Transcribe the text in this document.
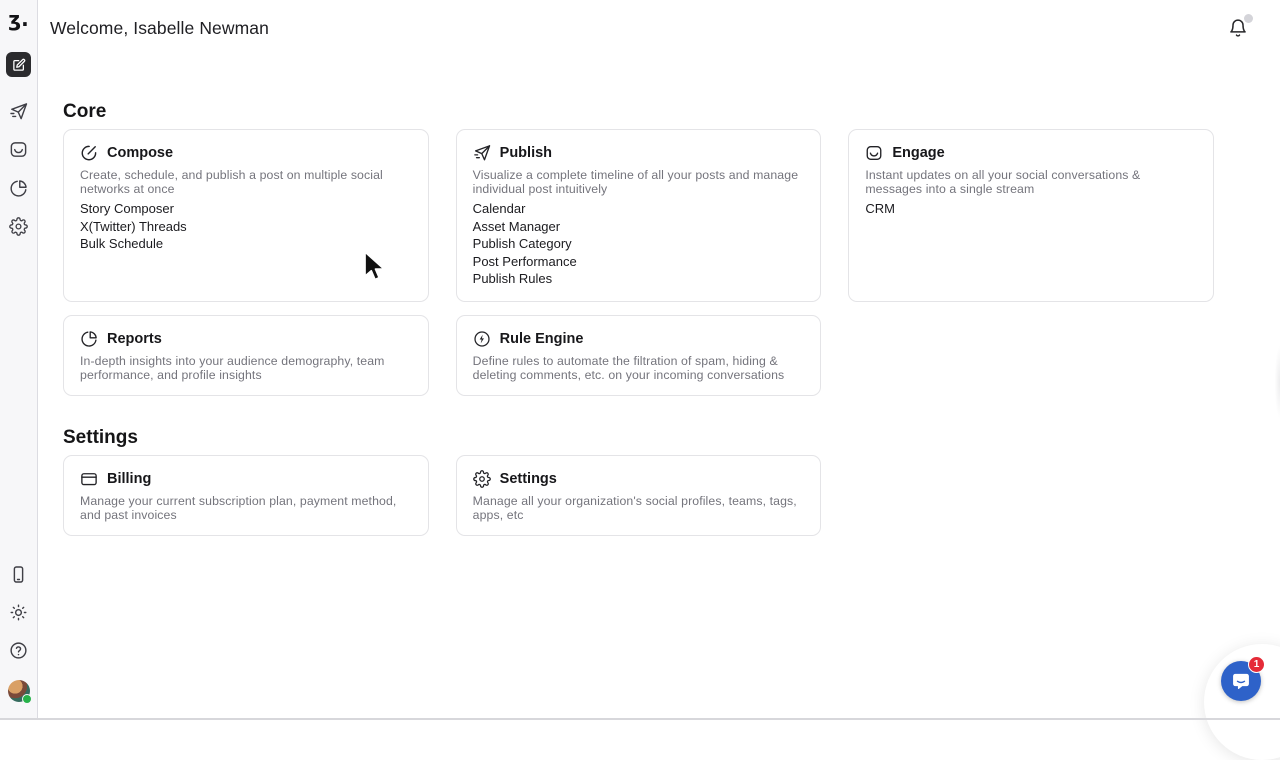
ʒ.	Welcome, Isabelle Newman
Core
Compose
Create, schedule, and publish a post on multiple social networks at once
Story Composer
X(Twitter) Threads
Bulk Schedule
Publish
Visualize a complete timeline of all your posts and manage individual post intuitively
Calendar
Asset Manager
Publish Category
Post Performance
Publish Rules
Engage
Instant updates on all your social conversations & messages into a single stream
CRM
Reports
In-depth insights into your audience demography, team performance, and profile insights
Rule Engine
Define rules to automate the filtration of spam, hiding & deleting comments, etc. on your incoming conversations
Settings
Billing
Manage your current subscription plan, payment method, and past invoices
Settings
Manage all your organization's social profiles, teams, tags, apps, etc
1
